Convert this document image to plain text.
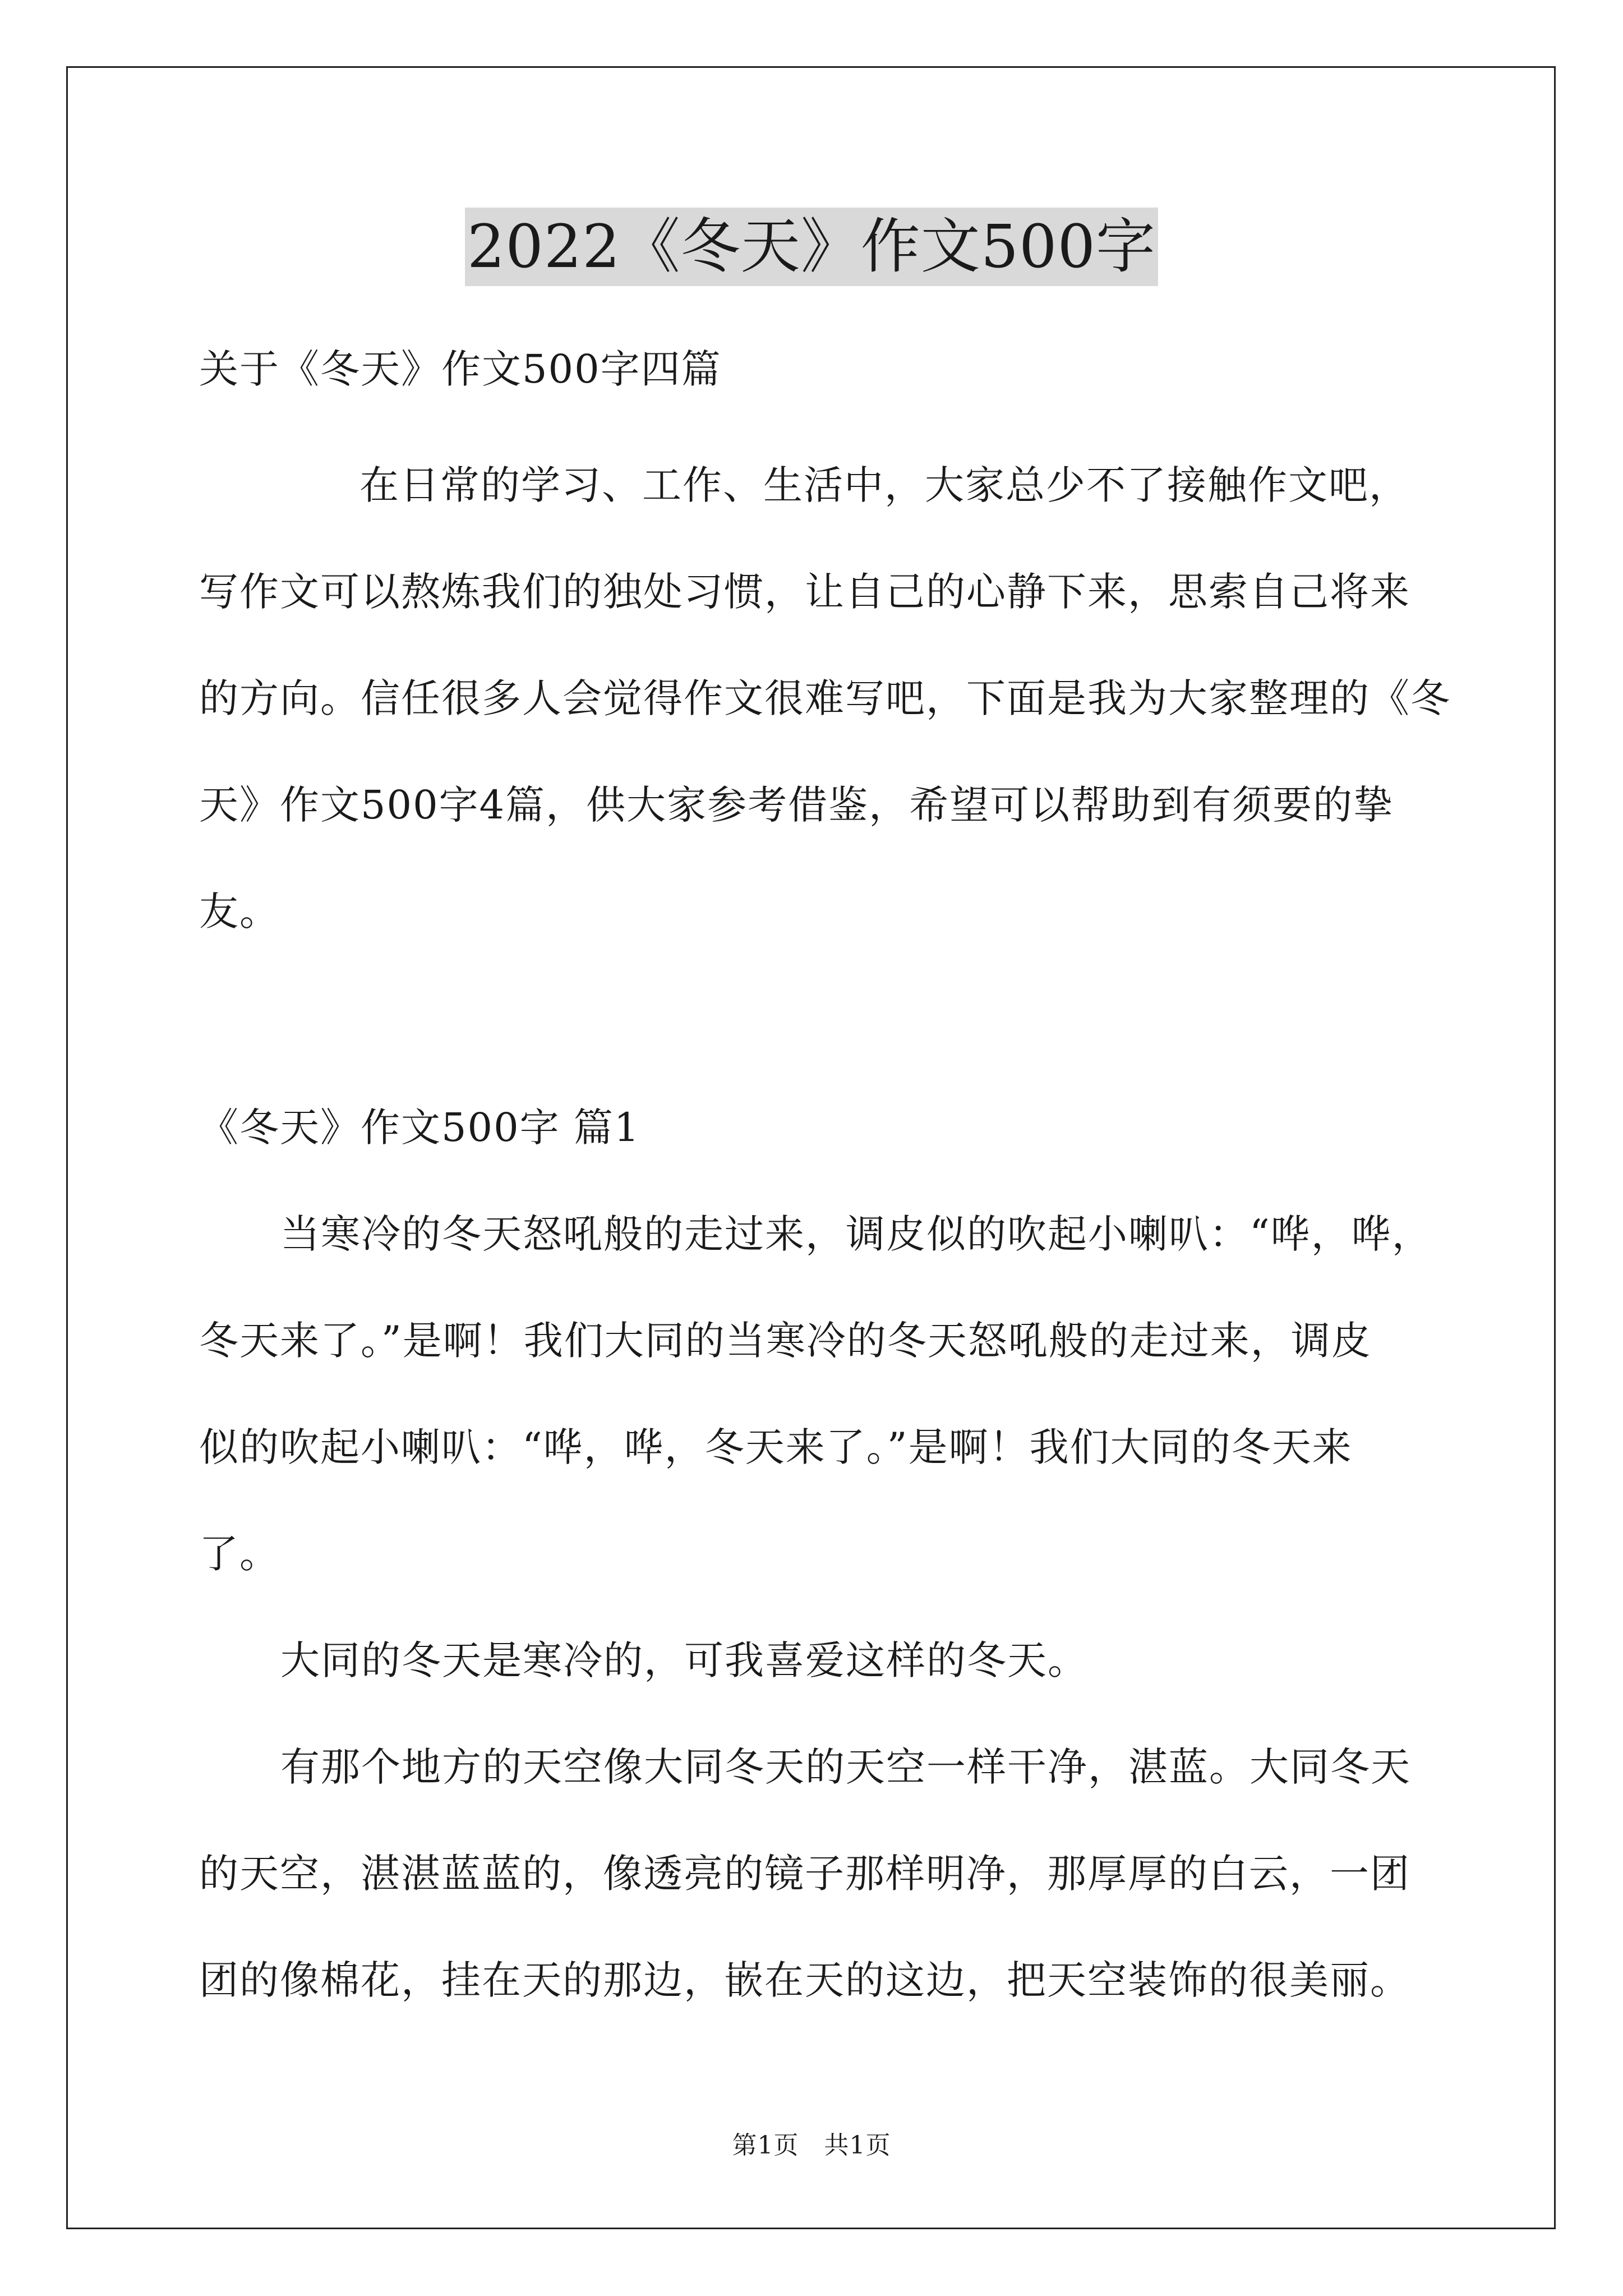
2022《冬天》作文500字
关于《冬天》作文500字四篇
在日常的学习、工作、生活中，大家总少不了接触作文吧，
写作文可以熬炼我们的独处习惯，让自己的心静下来，思索自己将来
的方向。信任很多人会觉得作文很难写吧，下面是我为大家整理的《冬
天》作文500字4篇，供大家参考借鉴，希望可以帮助到有须要的挚
友。
《冬天》作文500字 篇1
当寒冷的冬天怒吼般的走过来，调皮似的吹起小喇叭：“哗，哗，
冬天来了。”是啊！我们大同的当寒冷的冬天怒吼般的走过来，调皮
似的吹起小喇叭：“哗，哗，冬天来了。”是啊！我们大同的冬天来
了。
大同的冬天是寒冷的，可我喜爱这样的冬天。
有那个地方的天空像大同冬天的天空一样干净，湛蓝。大同冬天
的天空，湛湛蓝蓝的，像透亮的镜子那样明净，那厚厚的白云，一团
团的像棉花，挂在天的那边，嵌在天的这边，把天空装饰的很美丽。
第1页　共1页
